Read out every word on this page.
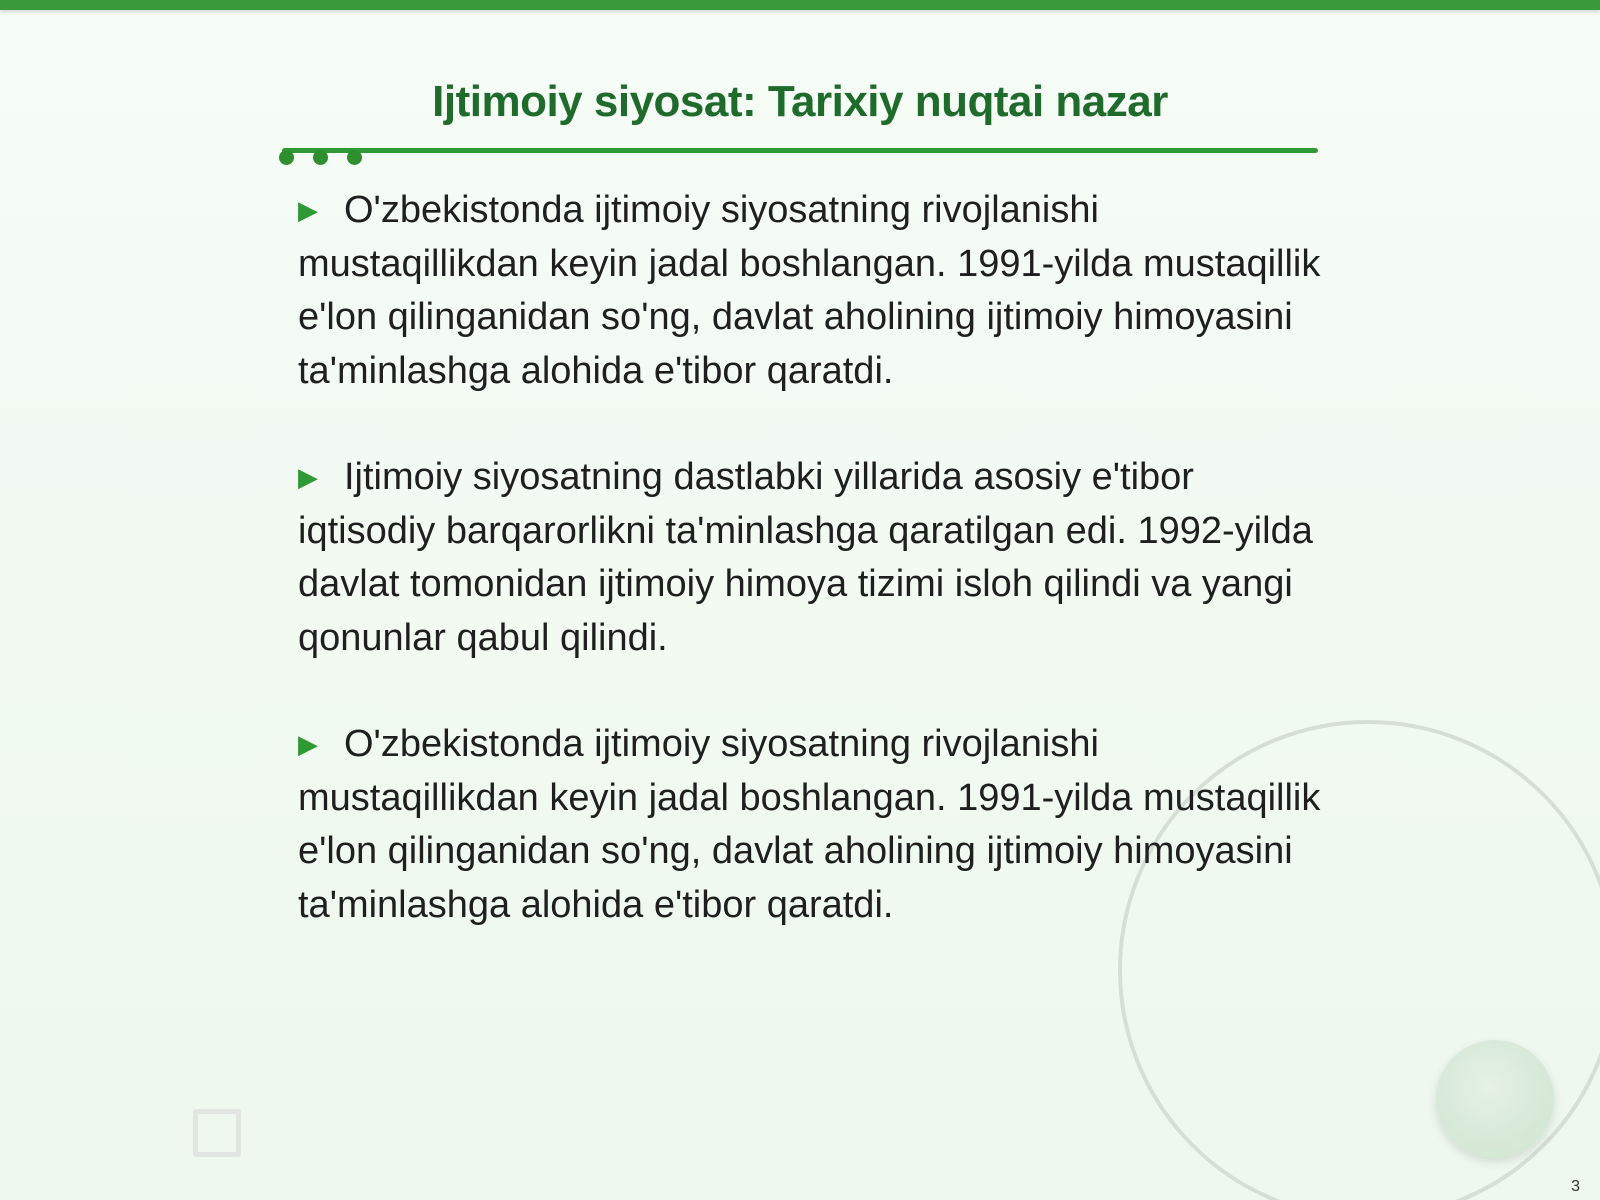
Ijtimoiy siyosat: Tarixiy nuqtai nazar

▶ O'zbekistonda ijtimoiy siyosatning rivojlanishi mustaqillikdan keyin jadal boshlangan. 1991-yilda mustaqillik e'lon qilinganidan so'ng, davlat aholining ijtimoiy himoyasini ta'minlashga alohida e'tibor qaratdi.

▶ Ijtimoiy siyosatning dastlabki yillarida asosiy e'tibor iqtisodiy barqarorlikni ta'minlashga qaratilgan edi. 1992-yilda davlat tomonidan ijtimoiy himoya tizimi isloh qilindi va yangi qonunlar qabul qilindi.

▶ O'zbekistonda ijtimoiy siyosatning rivojlanishi mustaqillikdan keyin jadal boshlangan. 1991-yilda mustaqillik e'lon qilinganidan so'ng, davlat aholining ijtimoiy himoyasini ta'minlashga alohida e'tibor qaratdi.

3
